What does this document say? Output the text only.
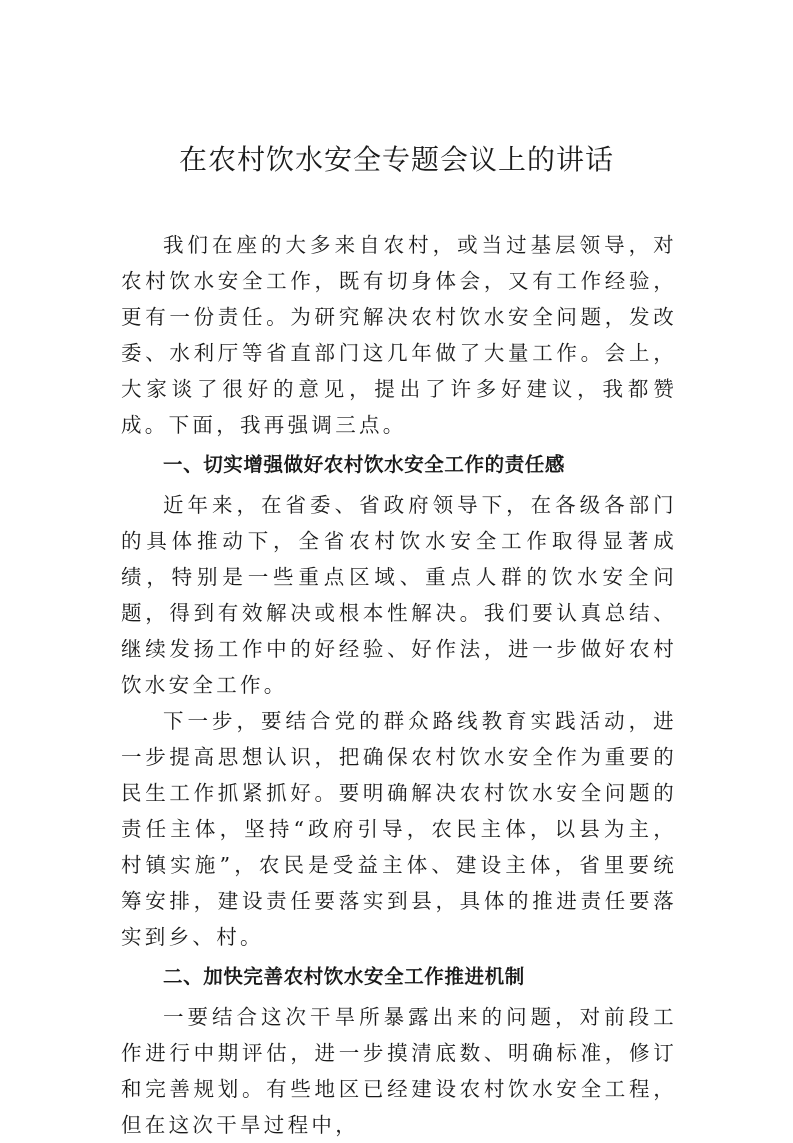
在农村饮水安全专题会议上的讲话

我们在座的大多来自农村，或当过基层领导，对农村饮水安全工作，既有切身体会，又有工作经验，更有一份责任。为研究解决农村饮水安全问题，发改委、水利厅等省直部门这几年做了大量工作。会上，大家谈了很好的意见，提出了许多好建议，我都赞成。下面，我再强调三点。

一、切实增强做好农村饮水安全工作的责任感

近年来，在省委、省政府领导下，在各级各部门的具体推动下，全省农村饮水安全工作取得显著成绩，特别是一些重点区域、重点人群的饮水安全问题，得到有效解决或根本性解决。我们要认真总结、继续发扬工作中的好经验、好作法，进一步做好农村饮水安全工作。

下一步，要结合党的群众路线教育实践活动，进一步提高思想认识，把确保农村饮水安全作为重要的民生工作抓紧抓好。要明确解决农村饮水安全问题的责任主体，坚持“政府引导，农民主体，以县为主，村镇实施”，农民是受益主体、建设主体，省里要统筹安排，建设责任要落实到县，具体的推进责任要落实到乡、村。

二、加快完善农村饮水安全工作推进机制

一要结合这次干旱所暴露出来的问题，对前段工作进行中期评估，进一步摸清底数、明确标准，修订和完善规划。有些地区已经建设农村饮水安全工程，但在这次干旱过程中，
